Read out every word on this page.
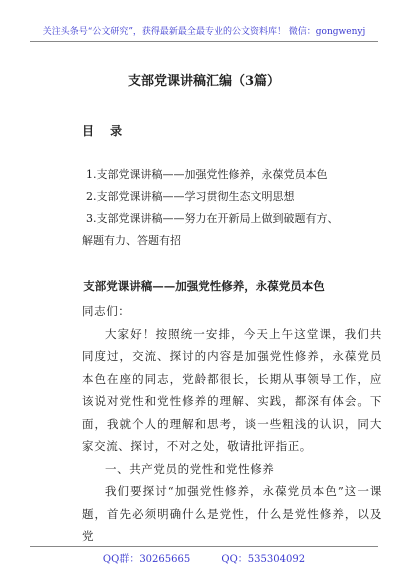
关注头条号“公文研究”，获得最新最全最专业的公文资料库！ 微信：gongwenyj
支部党课讲稿汇编（3篇）
目 录

1.支部党课讲稿——加强党性修养，永葆党员本色

2.支部党课讲稿——学习贯彻生态文明思想

3.支部党课讲稿——努力在开新局上做到破题有方、

解题有力、答题有招

支部党课讲稿——加强党性修养，永葆党员本色

同志们：

大家好！按照统一安排，今天上午这堂课，我们共同度过，交流、探讨的内容是加强党性修养，永葆党员本色在座的同志，党龄都很长，长期从事领导工作，应该说对党性和党性修养的理解、实践，都深有体会。下面，我就个人的理解和思考，谈一些粗浅的认识，同大家交流、探讨，不对之处，敬请批评指正。

一、共产党员的党性和党性修养

我们要探讨“加强党性修养，永葆党员本色”这一课题，首先必须明确什么是党性，什么是党性修养，以及党

QQ群：30265665	QQ：535304092
